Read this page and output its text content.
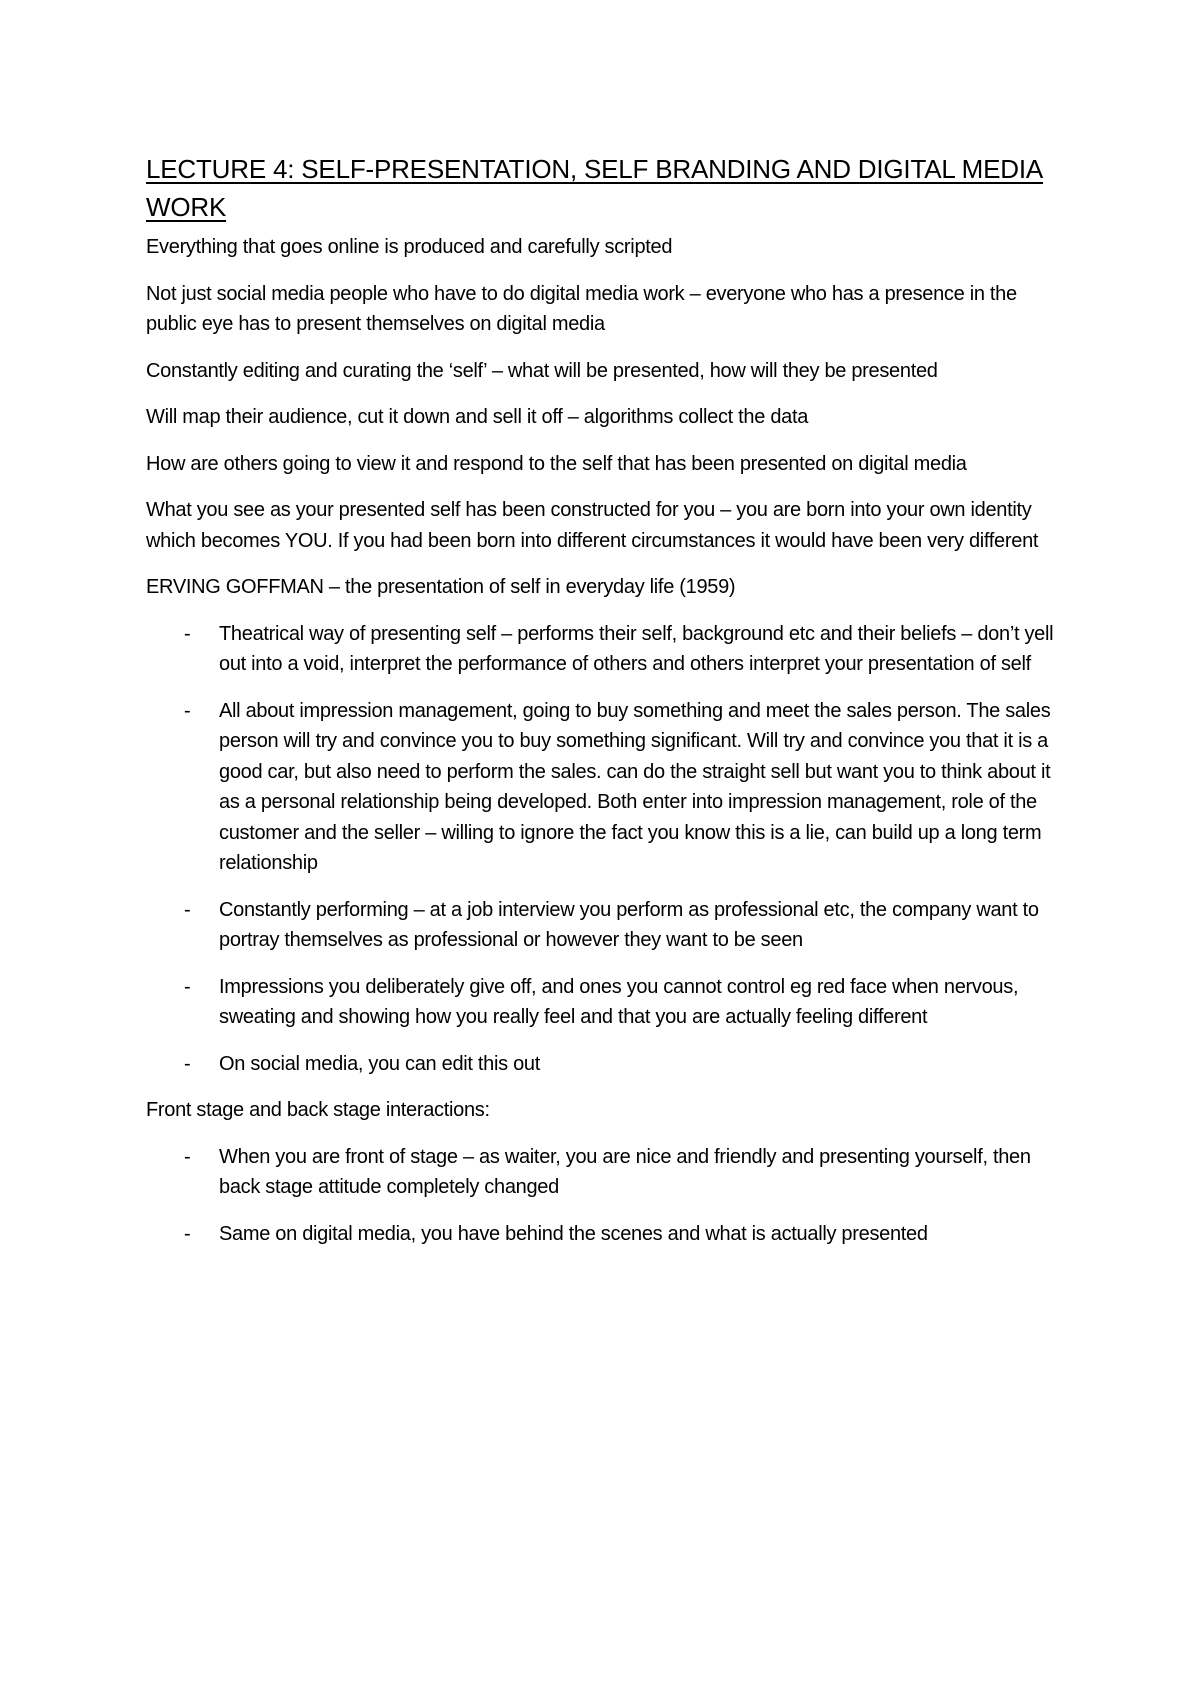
LECTURE 4: SELF-PRESENTATION, SELF BRANDING AND DIGITAL MEDIA WORK

Everything that goes online is produced and carefully scripted

Not just social media people who have to do digital media work – everyone who has a presence in the public eye has to present themselves on digital media

Constantly editing and curating the ‘self’ – what will be presented, how will they be presented

Will map their audience, cut it down and sell it off – algorithms collect the data

How are others going to view it and respond to the self that has been presented on digital media

What you see as your presented self has been constructed for you – you are born into your own identity which becomes YOU. If you had been born into different circumstances it would have been very different

ERVING GOFFMAN – the presentation of self in everyday life (1959)

- Theatrical way of presenting self – performs their self, background etc and their beliefs – don’t yell out into a void, interpret the performance of others and others interpret your presentation of self
- All about impression management, going to buy something and meet the sales person. The sales person will try and convince you to buy something significant. Will try and convince you that it is a good car, but also need to perform the sales. can do the straight sell but want you to think about it as a personal relationship being developed. Both enter into impression management, role of the customer and the seller – willing to ignore the fact you know this is a lie, can build up a long term relationship
- Constantly performing – at a job interview you perform as professional etc, the company want to portray themselves as professional or however they want to be seen
- Impressions you deliberately give off, and ones you cannot control eg red face when nervous, sweating and showing how you really feel and that you are actually feeling different
- On social media, you can edit this out

Front stage and back stage interactions:

- When you are front of stage – as waiter, you are nice and friendly and presenting yourself, then back stage attitude completely changed
- Same on digital media, you have behind the scenes and what is actually presented
